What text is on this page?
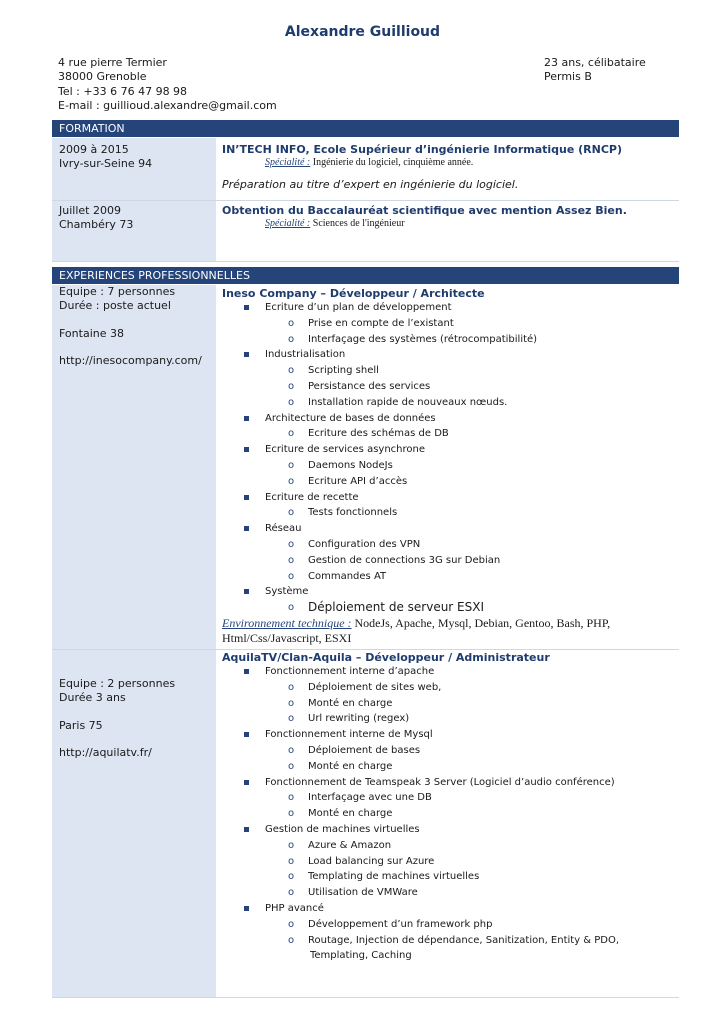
Alexandre Guillioud
4 rue pierre Termier
38000 Grenoble
Tel : +33 6 76 47 98 98
E-mail : guillioud.alexandre@gmail.com
23 ans, célibataire
Permis B
FORMATION
2009 à 2015
Ivry-sur-Seine 94
IN’TECH INFO, Ecole Supérieur d’ingénierie Informatique (RNCP)
Spécialité : Ingénierie du logiciel, cinquième année.
Préparation au titre d’expert en ingénierie du logiciel.
Juillet 2009
Chambéry 73
Obtention du Baccalauréat scientifique avec mention Assez Bien.
Spécialité : Sciences de l'ingénieur
EXPERIENCES PROFESSIONNELLES
Equipe : 7 personnes
Durée : poste actuel
Fontaine 38
http://inesocompany.com/
Ineso Company – Développeur / Architecte
Ecriture d’un plan de développement
o Prise en compte de l’existant
o Interfaçage des systèmes (rétrocompatibilité)
Industrialisation
o Scripting shell
o Persistance des services
o Installation rapide de nouveaux nœuds.
Architecture de bases de données
o Ecriture des schémas de DB
Ecriture de services asynchrone
o Daemons NodeJs
o Ecriture API d’accès
Ecriture de recette
o Tests fonctionnels
Réseau
o Configuration des VPN
o Gestion de connections 3G sur Debian
o Commandes AT
Système
o Déploiement de serveur ESXI
Environnement technique : NodeJs, Apache, Mysql, Debian, Gentoo, Bash, PHP,
Html/Css/Javascript, ESXI
Equipe : 2 personnes
Durée 3 ans
Paris 75
http://aquilatv.fr/
AquilaTV/Clan-Aquila – Développeur / Administrateur
Fonctionnement interne d’apache
o Déploiement de sites web,
o Monté en charge
o Url rewriting (regex)
Fonctionnement interne de Mysql
o Déploiement de bases
o Monté en charge
Fonctionnement de Teamspeak 3 Server (Logiciel d’audio conférence)
o Interfaçage avec une DB
o Monté en charge
Gestion de machines virtuelles
o Azure & Amazon
o Load balancing sur Azure
o Templating de machines virtuelles
o Utilisation de VMWare
PHP avancé
o Développement d’un framework php
o Routage, Injection de dépendance, Sanitization, Entity & PDO,
Templating, Caching
